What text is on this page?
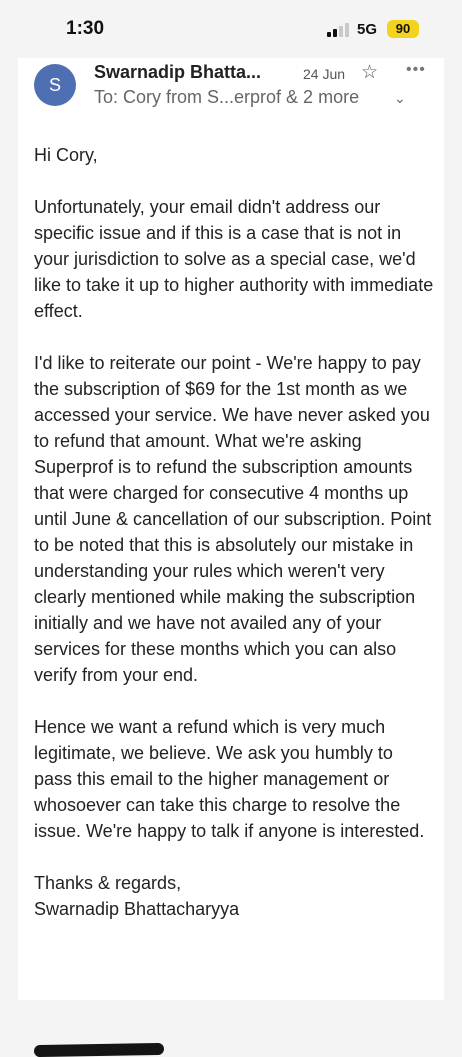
1:30	5G	90
S
Swarnadip Bhatta...	24 Jun ☆ •••
To: Cory from S...erprof & 2 more ⌄

Hi Cory,

Unfortunately, your email didn't address our specific issue and if this is a case that is not in your jurisdiction to solve as a special case, we'd like to take it up to higher authority with immediate effect.

I'd like to reiterate our point - We're happy to pay the subscription of $69 for the 1st month as we accessed your service. We have never asked you to refund that amount. What we're asking Superprof is to refund the subscription amounts that were charged for consecutive 4 months up until June & cancellation of our subscription. Point to be noted that this is absolutely our mistake in understanding your rules which weren't very clearly mentioned while making the subscription initially and we have not availed any of your services for these months which you can also verify from your end.

Hence we want a refund which is very much legitimate, we believe. We ask you humbly to pass this email to the higher management or whosoever can take this charge to resolve the issue. We're happy to talk if anyone is interested.

Thanks & regards,
Swarnadip Bhattacharyya
